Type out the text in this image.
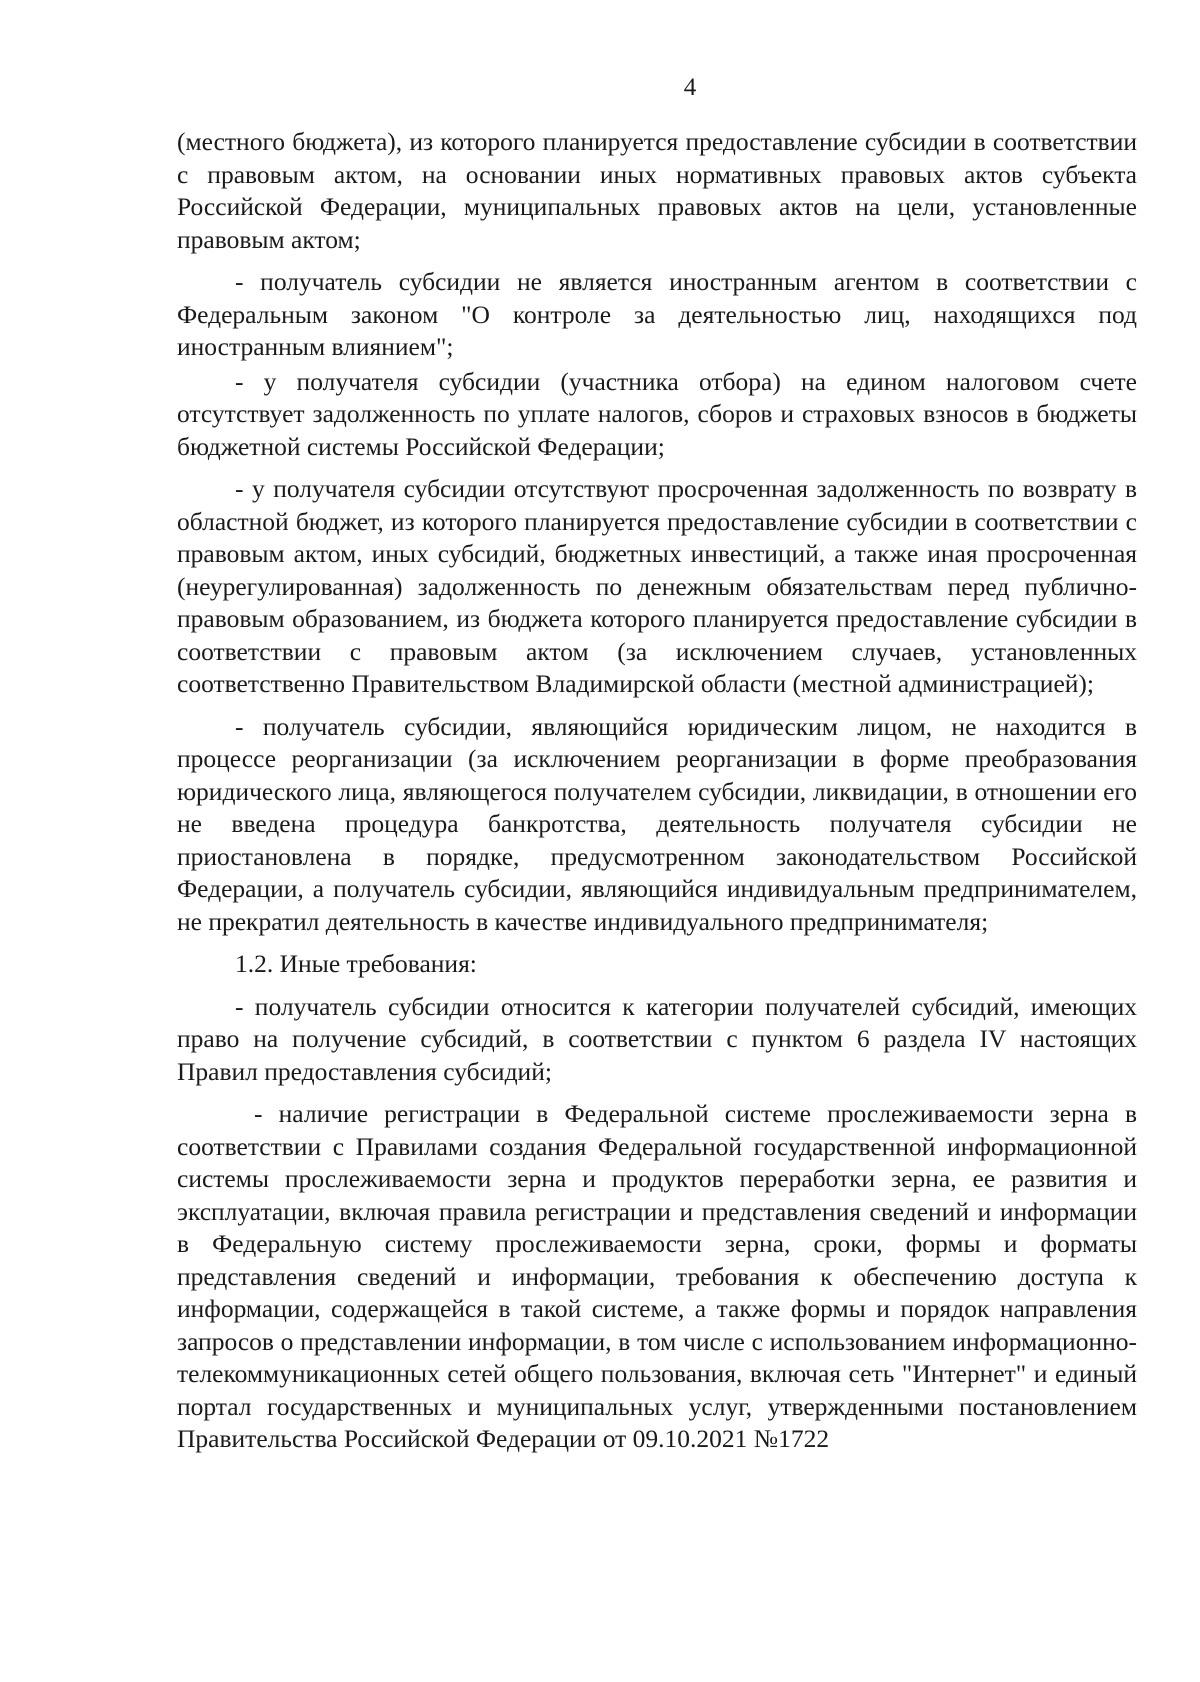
4

(местного бюджета), из которого планируется предоставление субсидии в соответствии с правовым актом, на основании иных нормативных правовых актов субъекта Российской Федерации, муниципальных правовых актов на цели, установленные правовым актом;

- получатель субсидии не является иностранным агентом в соответствии с Федеральным законом "О контроле за деятельностью лиц, находящихся под иностранным влиянием";

- у получателя субсидии (участника отбора) на едином налоговом счете отсутствует задолженность по уплате налогов, сборов и страховых взносов в бюджеты бюджетной системы Российской Федерации;

- у получателя субсидии отсутствуют просроченная задолженность по возврату в областной бюджет, из которого планируется предоставление субсидии в соответствии с правовым актом, иных субсидий, бюджетных инвестиций, а также иная просроченная (неурегулированная) задолженность по денежным обязательствам перед публично-правовым образованием, из бюджета которого планируется предоставление субсидии в соответствии с правовым актом (за исключением случаев, установленных соответственно Правительством Владимирской области (местной администрацией);

- получатель субсидии, являющийся юридическим лицом, не находится в процессе реорганизации (за исключением реорганизации в форме преобразования юридического лица, являющегося получателем субсидии, ликвидации, в отношении его не введена процедура банкротства, деятельность получателя субсидии не приостановлена в порядке, предусмотренном законодательством Российской Федерации, а получатель субсидии, являющийся индивидуальным предпринимателем, не прекратил деятельность в качестве индивидуального предпринимателя;

1.2. Иные требования:

- получатель субсидии относится к категории получателей субсидий, имеющих право на получение субсидий, в соответствии с пунктом 6 раздела IV настоящих Правил предоставления субсидий;

- наличие регистрации в Федеральной системе прослеживаемости зерна в соответствии с Правилами создания Федеральной государственной информационной системы прослеживаемости зерна и продуктов переработки зерна, ее развития и эксплуатации, включая правила регистрации и представления сведений и информации в Федеральную систему прослеживаемости зерна, сроки, формы и форматы представления сведений и информации, требования к обеспечению доступа к информации, содержащейся в такой системе, а также формы и порядок направления запросов о представлении информации, в том числе с использованием информационно-телекоммуникационных сетей общего пользования, включая сеть "Интернет" и единый портал государственных и муниципальных услуг, утвержденными постановлением Правительства Российской Федерации от 09.10.2021 №1722
